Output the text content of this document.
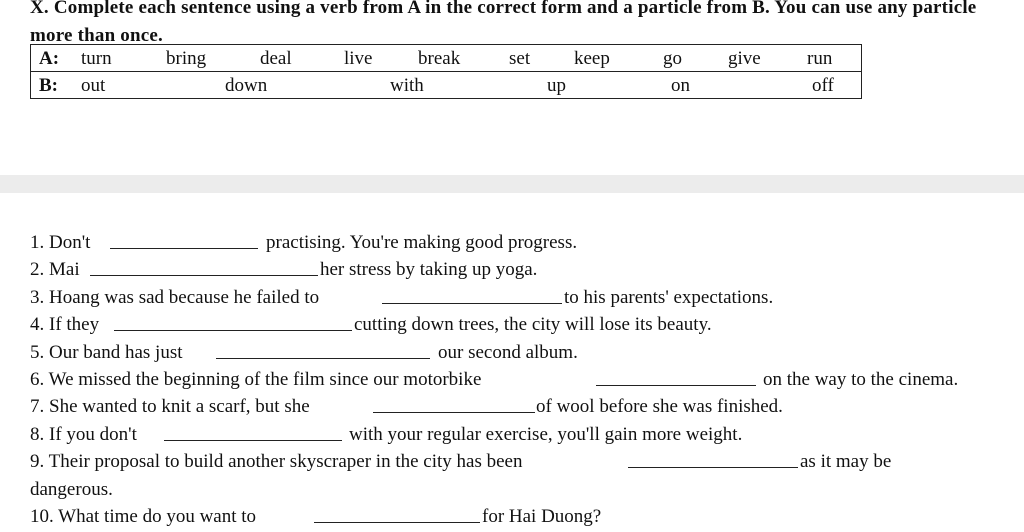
X. Complete each sentence using a verb from A in the correct form and a particle from B. You can use any particle more than once.
A: turn	bring	deal	live break	set keep	go give run

B: out	down	with	up	on	off
1. Don't	practising. You're making good progress.
2. Mai	her stress by taking up yoga.
3. Hoang was sad because he failed to	to his parents' expectations.
4. If they	cutting down trees, the city will lose its beauty.
5. Our band has just	our second album.
6. We missed the beginning of the film since our motorbike	on the way to the cinema.
7. She wanted to knit a scarf, but she	of wool before she was finished.
8. If you don't	with your regular exercise, you'll gain more weight.
9. Their proposal to build another skyscraper in the city has been	as it may be
dangerous.
10. What time do you want to	for Hai Duong?
